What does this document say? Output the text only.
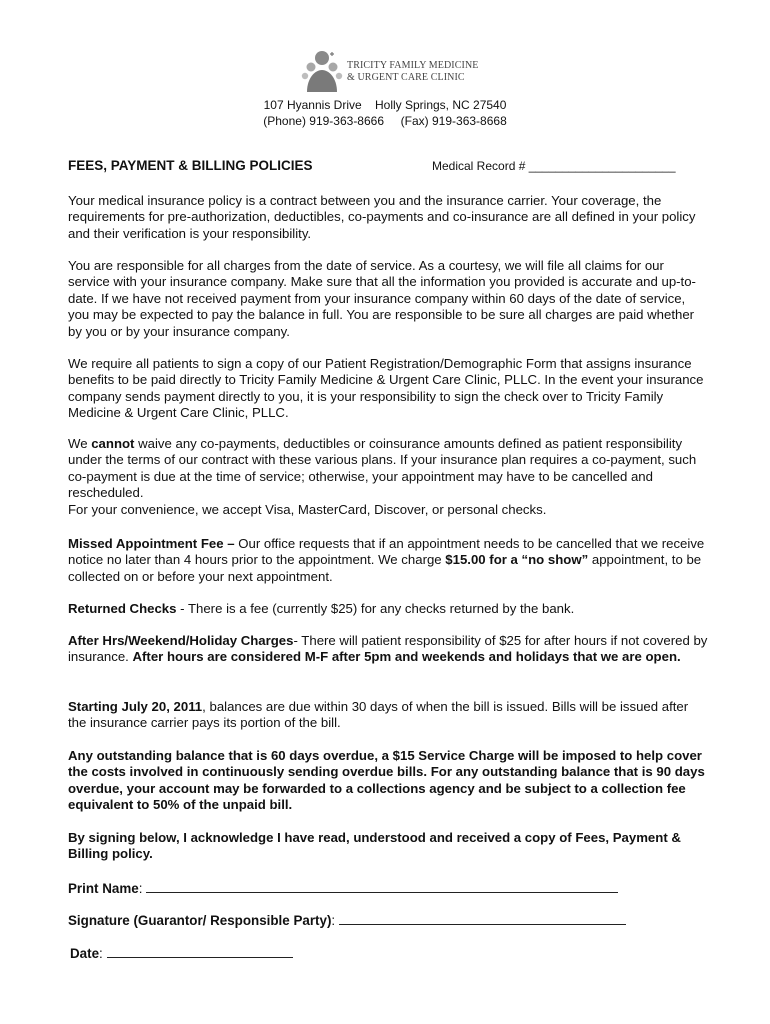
TRICITY FAMILY MEDICINE
& URGENT CARE CLINIC
107 Hyannis Drive    Holly Springs, NC 27540
(Phone) 919-363-8666     (Fax) 919-363-8668
FEES, PAYMENT & BILLING POLICIES	Medical Record # ______________________

Your medical insurance policy is a contract between you and the insurance carrier. Your coverage, the requirements for pre-authorization, deductibles, co-payments and co-insurance are all defined in your policy and their verification is your responsibility.

You are responsible for all charges from the date of service. As a courtesy, we will file all claims for our service with your insurance company. Make sure that all the information you provided is accurate and up-to-date. If we have not received payment from your insurance company within 60 days of the date of service, you may be expected to pay the balance in full. You are responsible to be sure all charges are paid whether by you or by your insurance company.

We require all patients to sign a copy of our Patient Registration/Demographic Form that assigns insurance benefits to be paid directly to Tricity Family Medicine & Urgent Care Clinic, PLLC. In the event your insurance company sends payment directly to you, it is your responsibility to sign the check over to Tricity Family Medicine & Urgent Care Clinic, PLLC.

We cannot waive any co-payments, deductibles or coinsurance amounts defined as patient responsibility under the terms of our contract with these various plans. If your insurance plan requires a co-payment, such co-payment is due at the time of service; otherwise, your appointment may have to be cancelled and rescheduled.
For your convenience, we accept Visa, MasterCard, Discover, or personal checks.

Missed Appointment Fee – Our office requests that if an appointment needs to be cancelled that we receive notice no later than 4 hours prior to the appointment. We charge $15.00 for a “no show” appointment, to be collected on or before your next appointment.

Returned Checks - There is a fee (currently $25) for any checks returned by the bank.

After Hrs/Weekend/Holiday Charges- There will patient responsibility of $25 for after hours if not covered by insurance. After hours are considered M-F after 5pm and weekends and holidays that we are open.

Starting July 20, 2011, balances are due within 30 days of when the bill is issued. Bills will be issued after the insurance carrier pays its portion of the bill.

Any outstanding balance that is 60 days overdue, a $15 Service Charge will be imposed to help cover the costs involved in continuously sending overdue bills. For any outstanding balance that is 90 days overdue, your account may be forwarded to a collections agency and be subject to a collection fee equivalent to 50% of the unpaid bill.

By signing below, I acknowledge I have read, understood and received a copy of Fees, Payment & Billing policy.

Print Name:
Signature (Guarantor/ Responsible Party):
Date:
